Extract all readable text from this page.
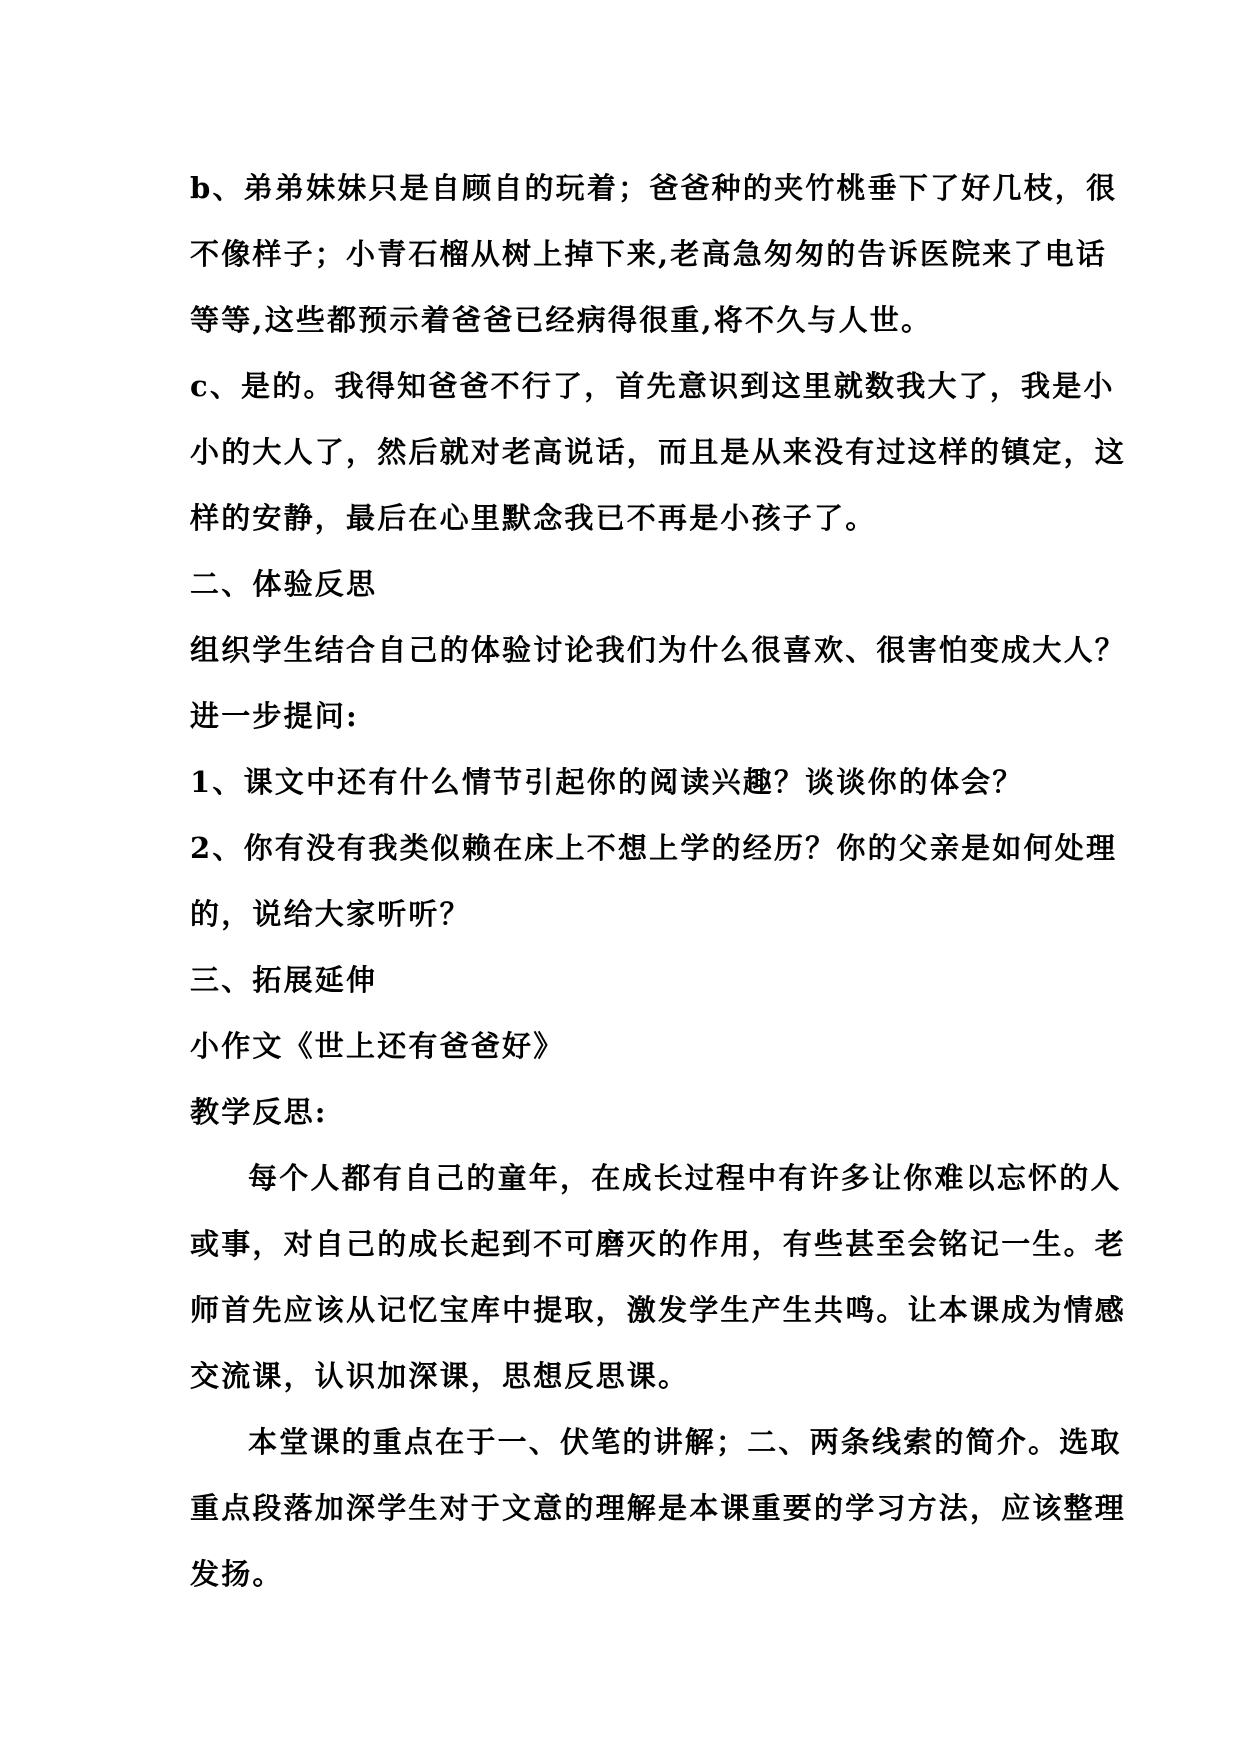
b、弟弟妹妹只是自顾自的玩着；爸爸种的夹竹桃垂下了好几枝，很
不像样子；小青石榴从树上掉下来,老高急匆匆的告诉医院来了电话
等等,这些都预示着爸爸已经病得很重,将不久与人世。
c、是的。我得知爸爸不行了，首先意识到这里就数我大了，我是小
小的大人了，然后就对老高说话，而且是从来没有过这样的镇定，这
样的安静，最后在心里默念我已不再是小孩子了。
二、体验反思
组织学生结合自己的体验讨论我们为什么很喜欢、很害怕变成大人？
进一步提问:
1、课文中还有什么情节引起你的阅读兴趣？谈谈你的体会？
2、你有没有我类似赖在床上不想上学的经历？你的父亲是如何处理
的，说给大家听听？
三、拓展延伸
小作文《世上还有爸爸好》
教学反思:
每个人都有自己的童年，在成长过程中有许多让你难以忘怀的人
或事，对自己的成长起到不可磨灭的作用，有些甚至会铭记一生。老
师首先应该从记忆宝库中提取，激发学生产生共鸣。让本课成为情感
交流课，认识加深课，思想反思课。
本堂课的重点在于一、伏笔的讲解；二、两条线索的简介。选取
重点段落加深学生对于文意的理解是本课重要的学习方法，应该整理
发扬。
